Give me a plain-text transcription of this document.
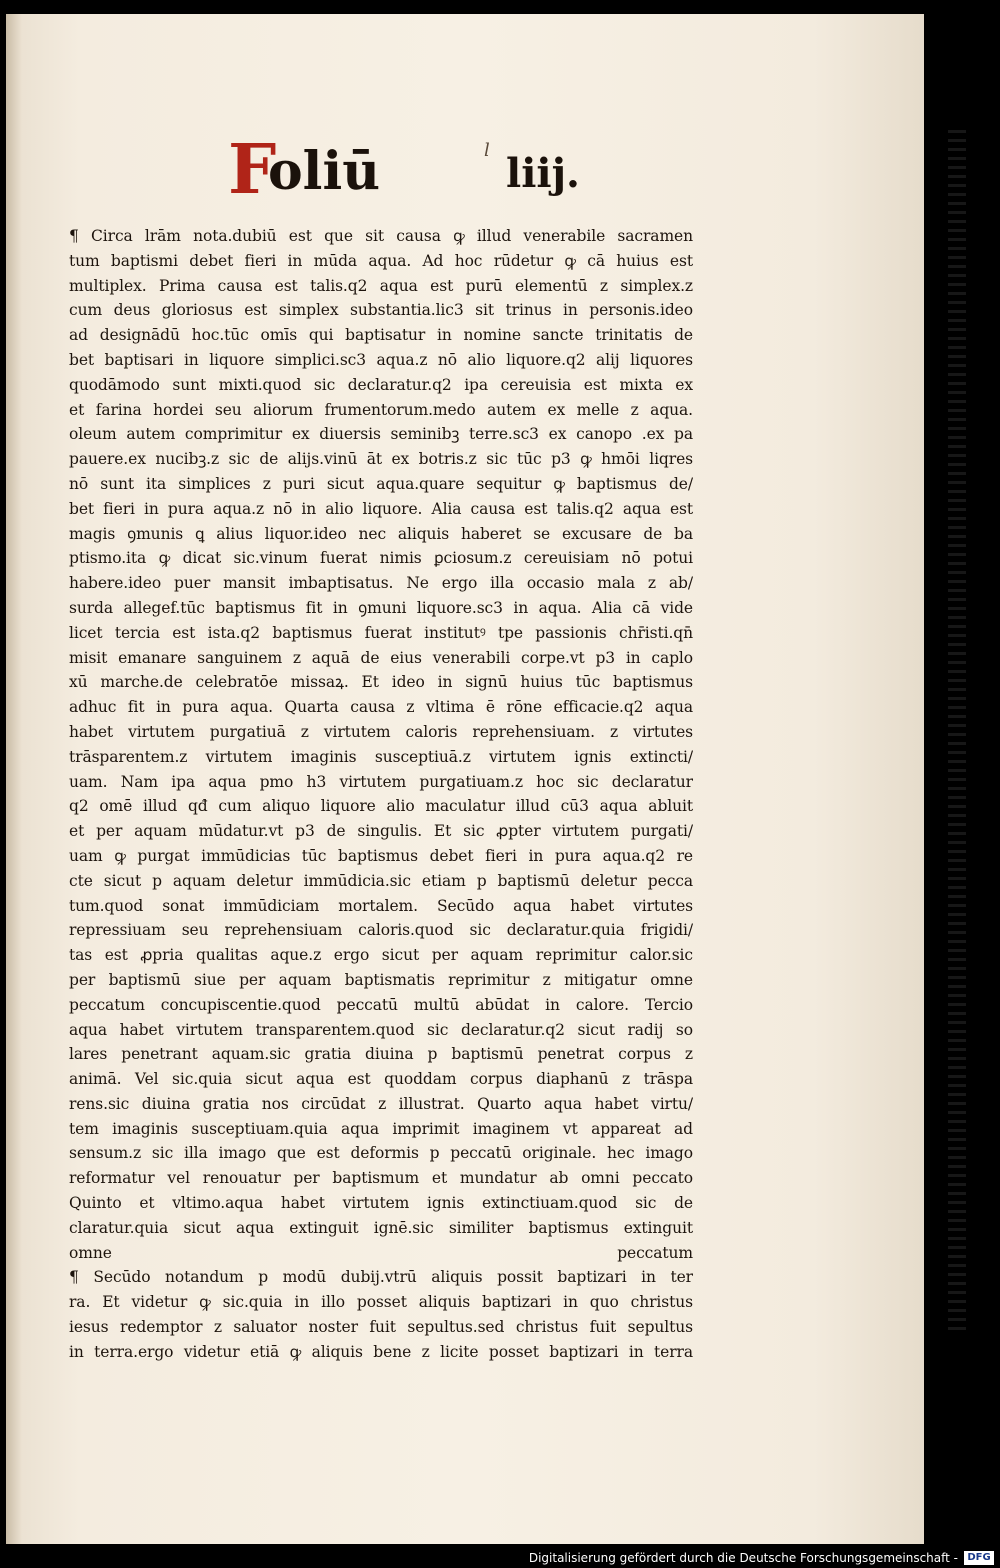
F
oliū	l liij.
¶ Circa lrām nota.dubiū est que sit causa ꝙ illud venerabile sacramen
tum baptismi debet fieri in mūda aqua. Ad hoc rūdetur ꝙ cā huius est
multiplex. Prima causa est talis.q2 aqua est purū elementū z simplex.z
cum deus gloriosus est simplex substantia.lic3 sit trinus in personis.ideo
ad designādū hoc.tūc omīs qui baptisatur in nomine sancte trinitatis de
bet baptisari in liquore simplici.sc3 aqua.z nō alio liquore.q2 alij liquores
quodāmodo sunt mixti.quod sic declaratur.q2 ipa cereuisia est mixta ex
et farina hordei seu aliorum frumentorum.medo autem ex melle z aqua.
oleum autem comprimitur ex diuersis seminibꝫ terre.sc3 ex canopo .ex pa
pauere.ex nucibꝫ.z sic de alijs.vinū āt ex botris.z sic tūc p3 ꝙ hmōi liqres
nō sunt ita simplices z puri sicut aqua.quare sequitur ꝙ baptismus de/
bet fieri in pura aqua.z nō in alio liquore. Alia causa est talis.q2 aqua est
magis ꝯmunis ꝗ alius liquor.ideo nec aliquis haberet se excusare de ba
ptismo.ita ꝙ dicat sic.vinum fuerat nimis ꝑciosum.z cereuisiam nō potui
habere.ideo puer mansit imbaptisatus. Ne ergo illa occasio mala z ab/
surda allegef.tūc baptismus fit in ꝯmuni liquore.sc3 in aqua. Alia cā vide
licet tercia est ista.q2 baptismus fuerat institutꝰ tpe passionis chr̄isti.qn̄
misit emanare sanguinem z aquā de eius venerabili corpe.vt p3 in caplo
xū marche.de celebratōe missaꝝ. Et ideo in signū huius tūc baptismus
adhuc fit in pura aqua. Quarta causa z vltima ē rōne efficacie.q2 aqua
habet virtutem purgatiuā z virtutem caloris reprehensiuam. z virtutes
trāsparentem.z virtutem imaginis susceptiuā.z virtutem ignis extincti/
uam. Nam ipa aqua pmo h3 virtutem purgatiuam.z hoc sic declaratur
q2 omē illud qđ cum aliquo liquore alio maculatur illud cū3 aqua abluit
et per aquam mūdatur.vt p3 de singulis. Et sic ꝓpter virtutem purgati/
uam ꝙ purgat immūdicias tūc baptismus debet fieri in pura aqua.q2 re
cte sicut p aquam deletur immūdicia.sic etiam p baptismū deletur pecca
tum.quod sonat immūdiciam mortalem. Secūdo aqua habet virtutes
repressiuam seu reprehensiuam caloris.quod sic declaratur.quia frigidi/
tas est ꝓpria qualitas aque.z ergo sicut per aquam reprimitur calor.sic
per baptismū siue per aquam baptismatis reprimitur z mitigatur omne
peccatum concupiscentie.quod peccatū multū abūdat in calore. Tercio
aqua habet virtutem transparentem.quod sic declaratur.q2 sicut radij so
lares penetrant aquam.sic gratia diuina p baptismū penetrat corpus z
animā. Vel sic.quia sicut aqua est quoddam corpus diaphanū z trāspa
rens.sic diuina gratia nos circūdat z illustrat. Quarto aqua habet virtu/
tem imaginis susceptiuam.quia aqua imprimit imaginem vt appareat ad
sensum.z sic illa imago que est deformis p peccatū originale. hec imago
reformatur vel renouatur per baptismum et mundatur ab omni peccato
Quinto et vltimo.aqua habet virtutem ignis extinctiuam.quod sic de
claratur.quia sicut aqua extinguit ignē.sic similiter baptismus extinguit
omne peccatum
¶ Secūdo notandum p modū dubij.vtrū aliquis possit baptizari in ter
ra. Et videtur ꝙ sic.quia in illo posset aliquis baptizari in quo christus
iesus redemptor z saluator noster fuit sepultus.sed christus fuit sepultus
in terra.ergo videtur etiā ꝙ aliquis bene z licite posset baptizari in terra
Digitalisierung gefördert durch die Deutsche Forschungsgemeinschaft - DFG
